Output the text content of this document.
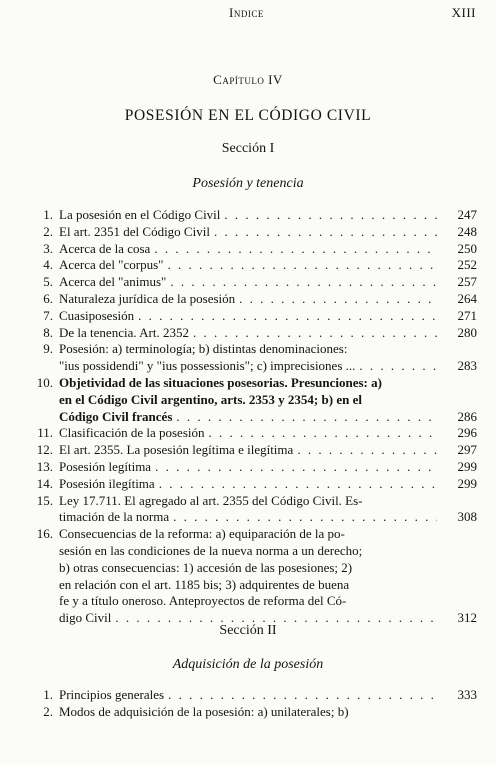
Indice	XIII
Capítulo IV
POSESIÓN EN EL CÓDIGO CIVIL
Sección I
Posesión y tenencia
1. La posesión en el Código Civil . . .	247
2. El art. 2351 del Código Civil . . .	248
3. Acerca de la cosa . . .	250
4. Acerca del "corpus" . . .	252
5. Acerca del "animus" . . .	257
6. Naturaleza jurídica de la posesión . . .	264
7. Cuasiposesión . . .	271
8. De la tenencia. Art. 2352 . . .	280
9. Posesión: a) terminología; b) distintas denominaciones:
"ius possidendi" y "ius possessionis"; c) imprecisiones ... . . .	283
10. Objetividad de las situaciones posesorias. Presunciones: a)
en el Código Civil argentino, arts. 2353 y 2354; b) en el
Código Civil francés . . .	286
11. Clasificación de la posesión . . .	296
12. El art. 2355. La posesión legítima e ilegítima . . .	297
13. Posesión legítima . . .	299
14. Posesión ilegítima . . .	299
15. Ley 17.711. El agregado al art. 2355 del Código Civil. Es-
timación de la norma . . .	308
16. Consecuencias de la reforma: a) equiparación de la po-
sesión en las condiciones de la nueva norma a un derecho;
b) otras consecuencias: 1) accesión de las posesiones; 2)
en relación con el art. 1185 bis; 3) adquirentes de buena
fe y a título oneroso. Anteproyectos de reforma del Có-
digo Civil . . .	312
Sección II
Adquisición de la posesión
1. Principios generales . . .	333
2. Modos de adquisición de la posesión: a) unilaterales; b)
